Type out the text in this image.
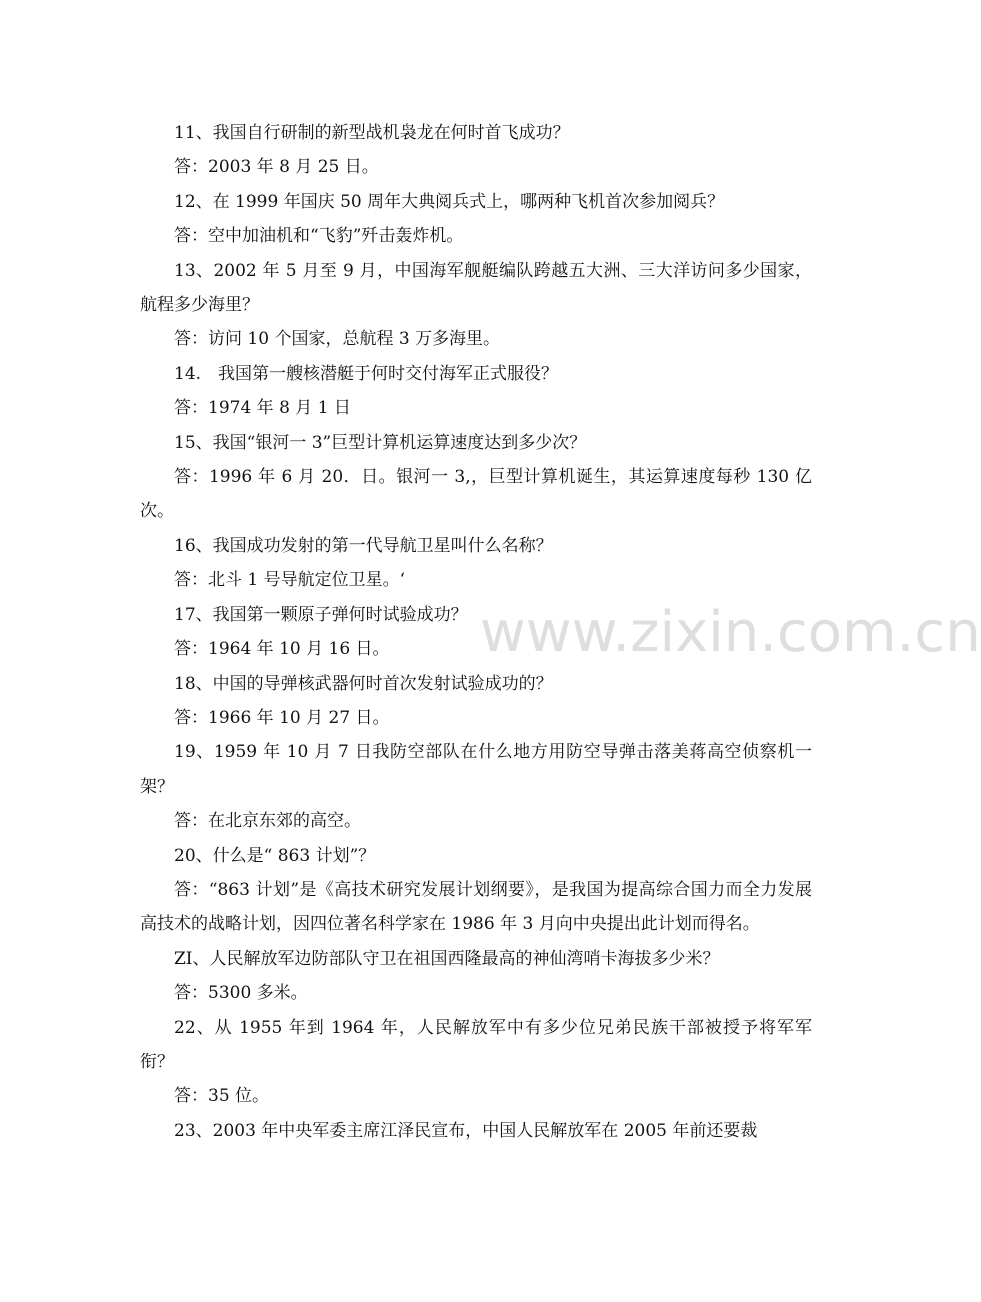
www.zixin.com.cn
11、我国自行研制的新型战机袅龙在何时首飞成功？
答：2003 年 8 月 25 日。
12、在 1999 年国庆 50 周年大典阅兵式上，哪两种飞机首次参加阅兵？
答：空中加油机和“飞豹”歼击轰炸机。
13、2002 年 5 月至 9 月，中国海军舰艇编队跨越五大洲、三大洋访问多少国家，航程多少海里？
答：访问 10 个国家，总航程 3 万多海里。
14.　我国第一艘核潜艇于何时交付海军正式服役？
答：1974 年 8 月 1 日
15、我国“银河一 3”巨型计算机运算速度达到多少次？
答：1996 年 6 月 20．日。银河一 3,，巨型计算机诞生，其运算速度每秒 130 亿次。
16、我国成功发射的第一代导航卫星叫什么名称？
答：北斗 1 号导航定位卫星。‘
17、我国第一颗原子弹何时试验成功？
答：1964 年 10 月 16 日。
18、中国的导弹核武器何时首次发射试验成功的？
答：1966 年 10 月 27 日。
19、1959 年 10 月 7 日我防空部队在什么地方用防空导弹击落美蒋高空侦察机一架？
答：在北京东郊的高空。
20、什么是“ 863 计划”？
答：“863 计划”是《高技术研究发展计划纲要》，是我国为提高综合国力而全力发展高技术的战略计划，因四位著名科学家在 1986 年 3 月向中央提出此计划而得名。
ZI、人民解放军边防部队守卫在祖国西隆最高的神仙湾哨卡海拔多少米？
答：5300 多米。
22、从 1955 年到 1964 年，人民解放军中有多少位兄弟民族干部被授予将军军衔？
答：35 位。
23、2003 年中央军委主席江泽民宣布，中国人民解放军在 2005 年前还要裁
